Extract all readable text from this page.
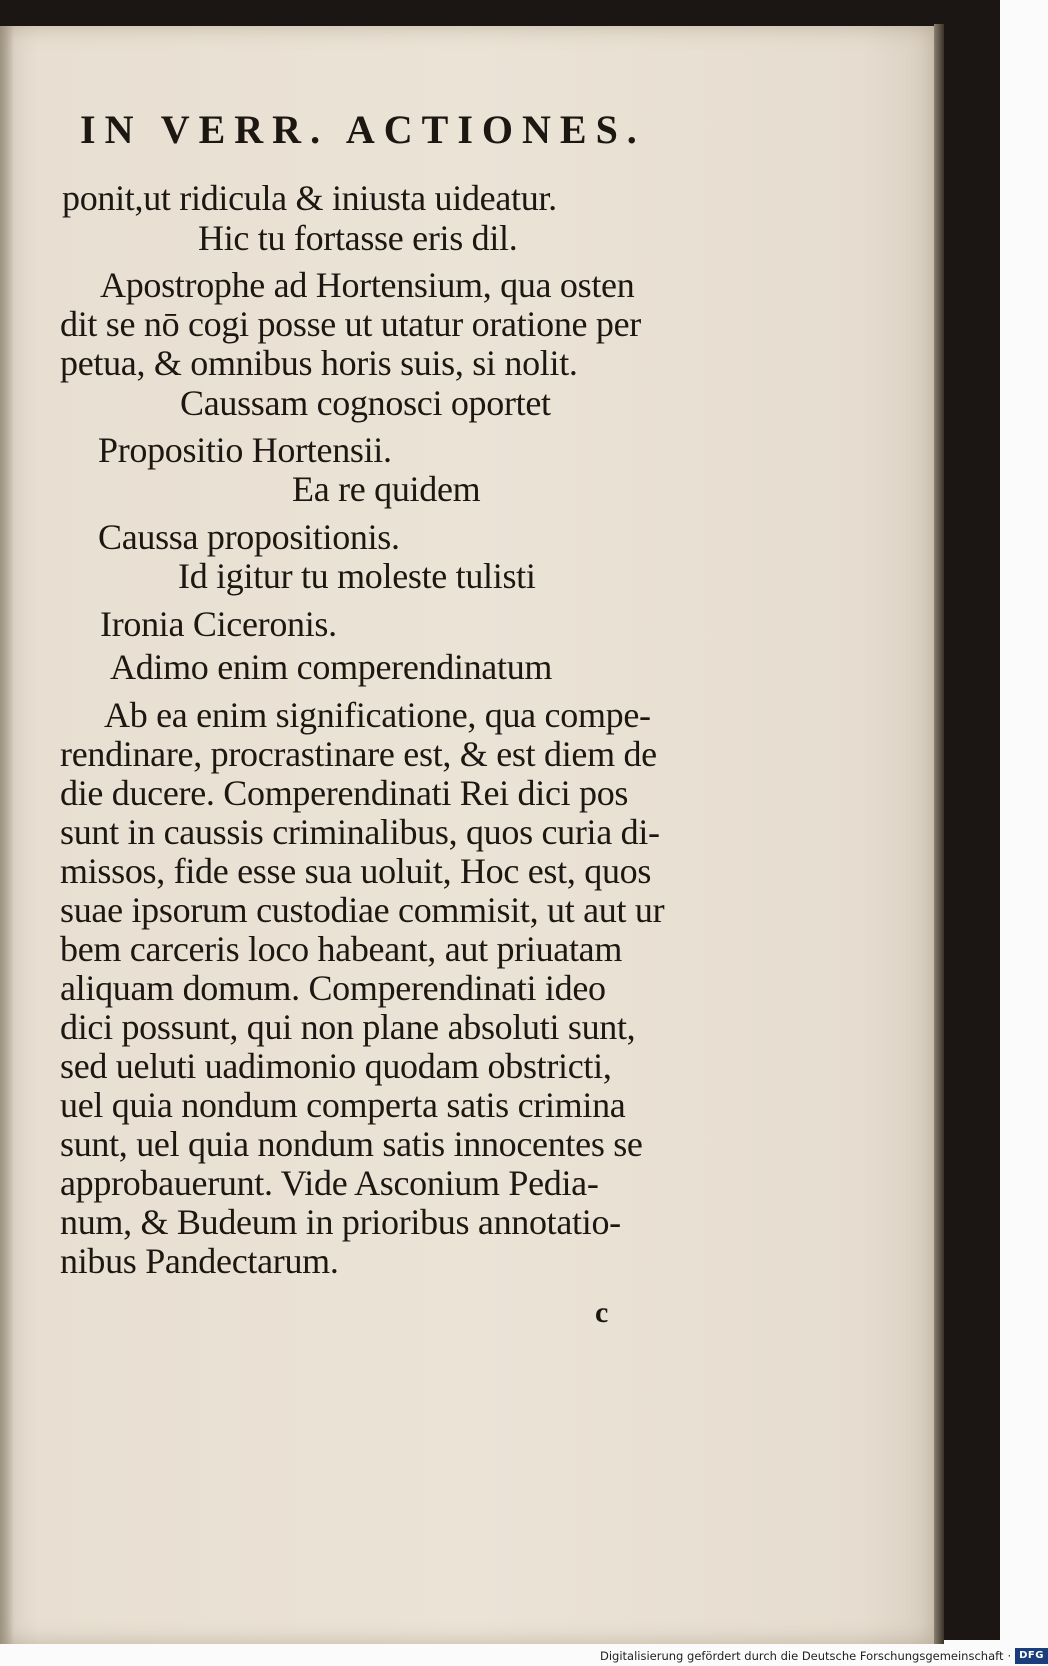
IN VERR. ACTIONES.
ponit,ut ridicula & iniusta uideatur.
Hic tu fortasse eris dil.
Apostrophe ad Hortensium, qua osten
dit se nō cogi posse ut utatur oratione per
petua, & omnibus horis suis, si nolit.
Caussam cognosci oportet
Propositio Hortensii.
Ea re quidem
Caussa propositionis.
Id igitur tu moleste tulisti
Ironia Ciceronis.
Adimo enim comperendinatum
Ab ea enim significatione, qua compe-
rendinare, procrastinare est, & est diem de
die ducere. Comperendinati Rei dici pos
sunt in caussis criminalibus, quos curia di-
missos, fide esse sua uoluit, Hoc est, quos
suae ipsorum custodiae commisit, ut aut ur
bem carceris loco habeant, aut priuatam
aliquam domum. Comperendinati ideo
dici possunt, qui non plane absoluti sunt,
sed ueluti uadimonio quodam obstricti,
uel quia nondum comperta satis crimina
sunt, uel quia nondum satis innocentes se
approbauerunt. Vide Asconium Pedia-
num, & Budeum in prioribus annotatio-
nibus Pandectarum.
c
Digitalisierung gefördert durch die Deutsche Forschungsgemeinschaft · DFG
